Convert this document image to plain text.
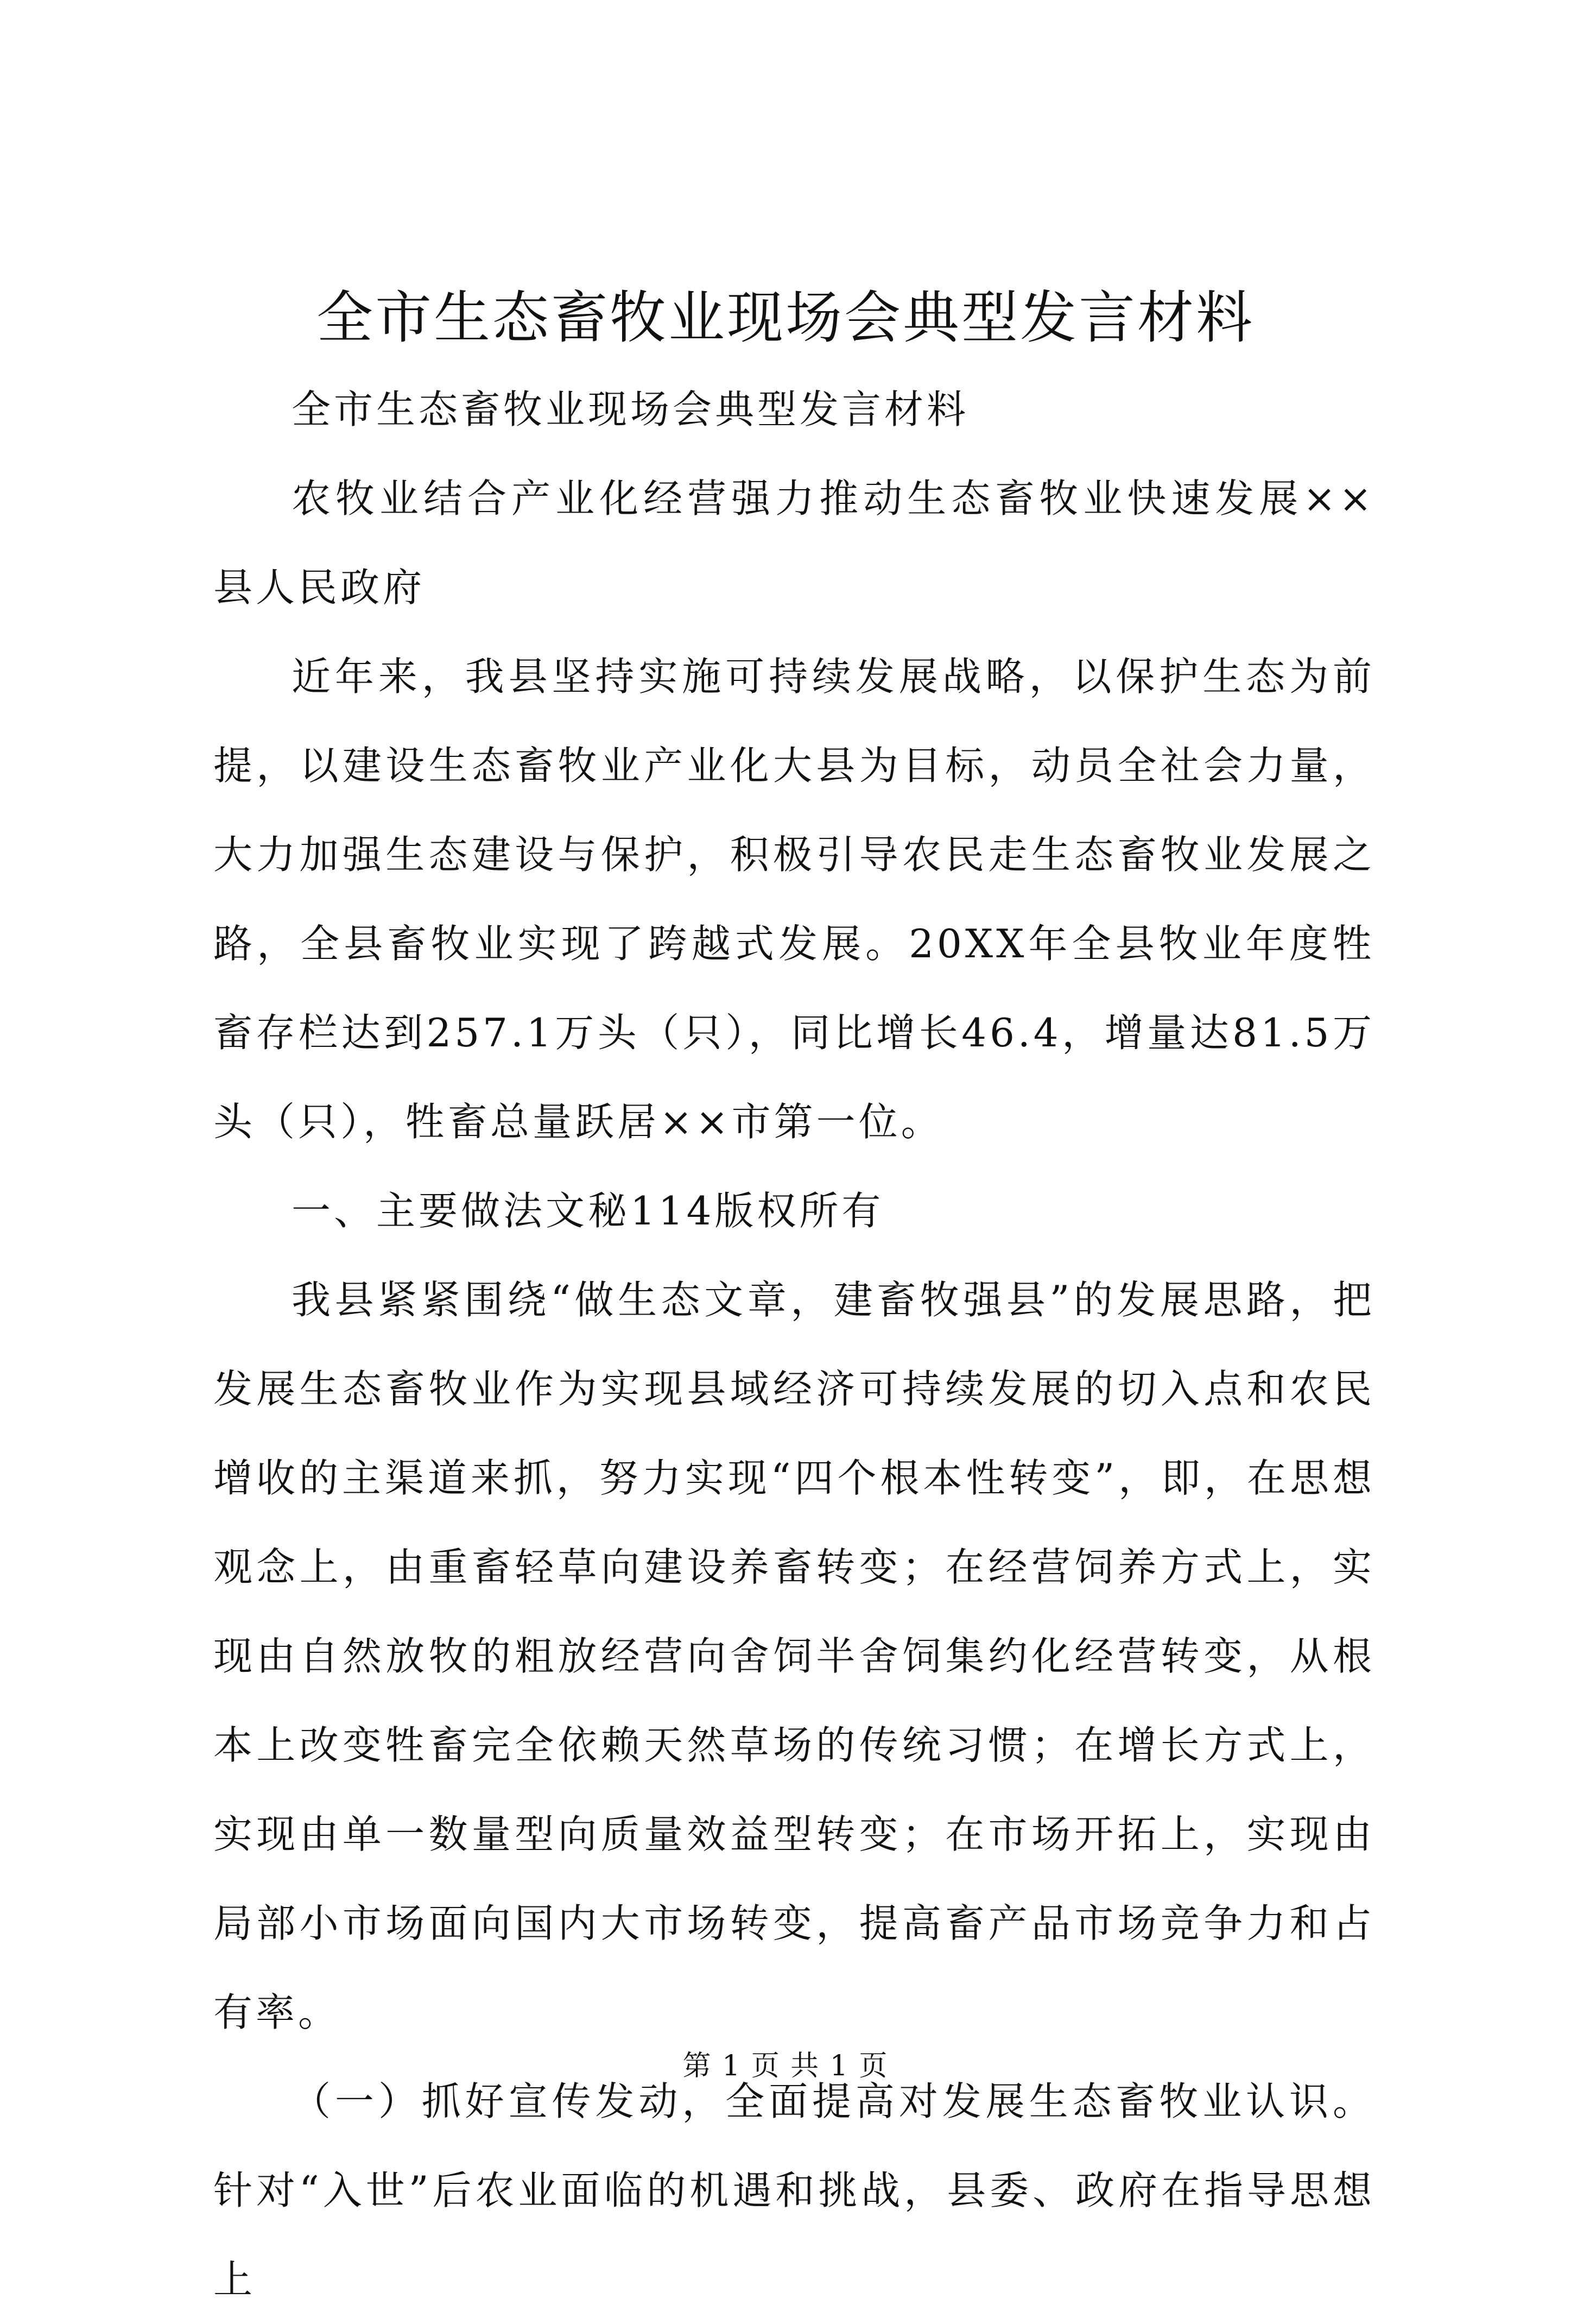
全市生态畜牧业现场会典型发言材料

全市生态畜牧业现场会典型发言材料

农牧业结合产业化经营强力推动生态畜牧业快速发展××县人民政府

近年来，我县坚持实施可持续发展战略，以保护生态为前提，以建设生态畜牧业产业化大县为目标，动员全社会力量，大力加强生态建设与保护，积极引导农民走生态畜牧业发展之路，全县畜牧业实现了跨越式发展。20XX年全县牧业年度牲畜存栏达到257.1万头（只），同比增长46.4，增量达81.5万头（只），牲畜总量跃居××市第一位。

一、主要做法文秘114版权所有

我县紧紧围绕“做生态文章，建畜牧强县”的发展思路，把发展生态畜牧业作为实现县域经济可持续发展的切入点和农民增收的主渠道来抓，努力实现“四个根本性转变”，即，在思想观念上，由重畜轻草向建设养畜转变；在经营饲养方式上，实现由自然放牧的粗放经营向舍饲半舍饲集约化经营转变，从根本上改变牲畜完全依赖天然草场的传统习惯；在增长方式上，实现由单一数量型向质量效益型转变；在市场开拓上，实现由局部小市场面向国内大市场转变，提高畜产品市场竞争力和占有率。

（一）抓好宣传发动，全面提高对发展生态畜牧业认识。针对“入世”后农业面临的机遇和挑战，县委、政府在指导思想上

第 1 页 共 1 页
